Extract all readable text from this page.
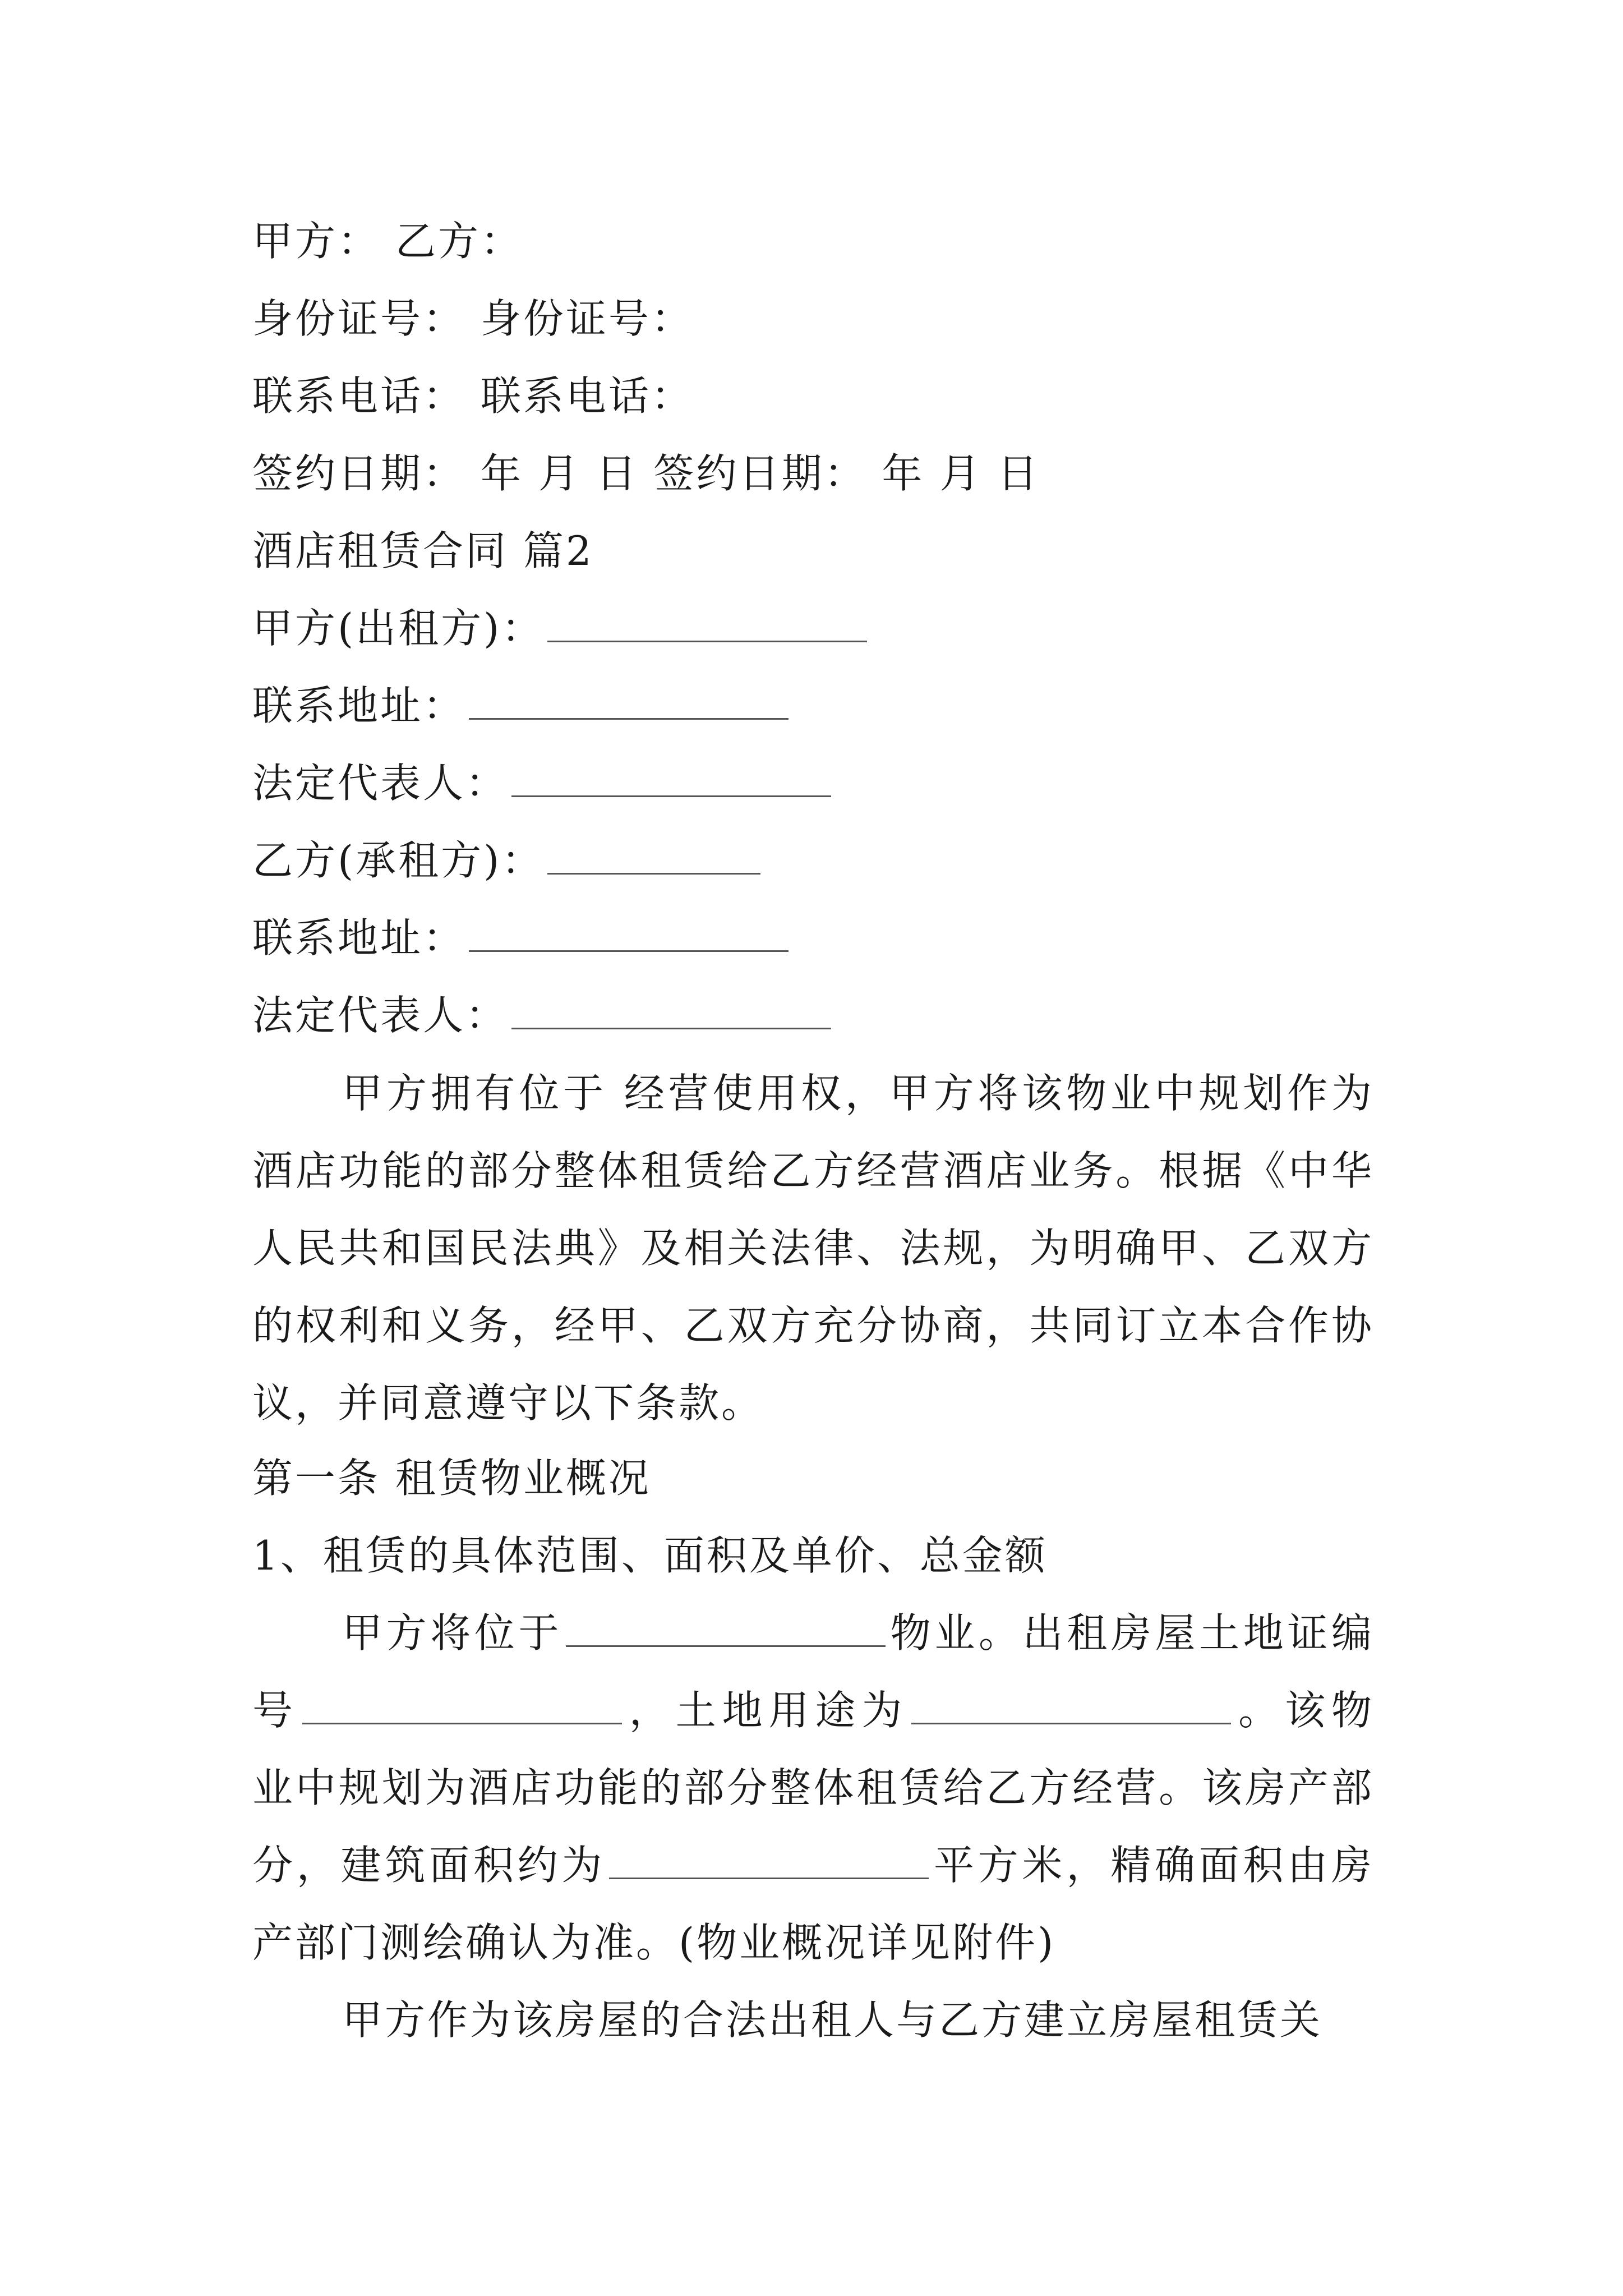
甲方： 乙方：
身份证号： 身份证号：
联系电话： 联系电话：
签约日期： 年 月 日 签约日期： 年 月 日
酒店租赁合同 篇2
甲方(出租方)：
联系地址：
法定代表人：
乙方(承租方)：
联系地址：
法定代表人：
甲方拥有位于 经营使用权，甲方将该物业中规划作为酒店功能的部分整体租赁给乙方经营酒店业务。根据《中华人民共和国民法典》及相关法律、法规，为明确甲、乙双方的权利和义务，经甲、乙双方充分协商，共同订立本合作协议，并同意遵守以下条款。
第一条 租赁物业概况
1、租赁的具体范围、面积及单价、总金额
甲方将位于	物业。出租房屋土地证编号	，土地用途为	。该物业中规划为酒店功能的部分整体租赁给乙方经营。该房产部分，建筑面积约为	平方米，精确面积由房产部门测绘确认为准。(物业概况详见附件)
甲方作为该房屋的合法出租人与乙方建立房屋租赁关
